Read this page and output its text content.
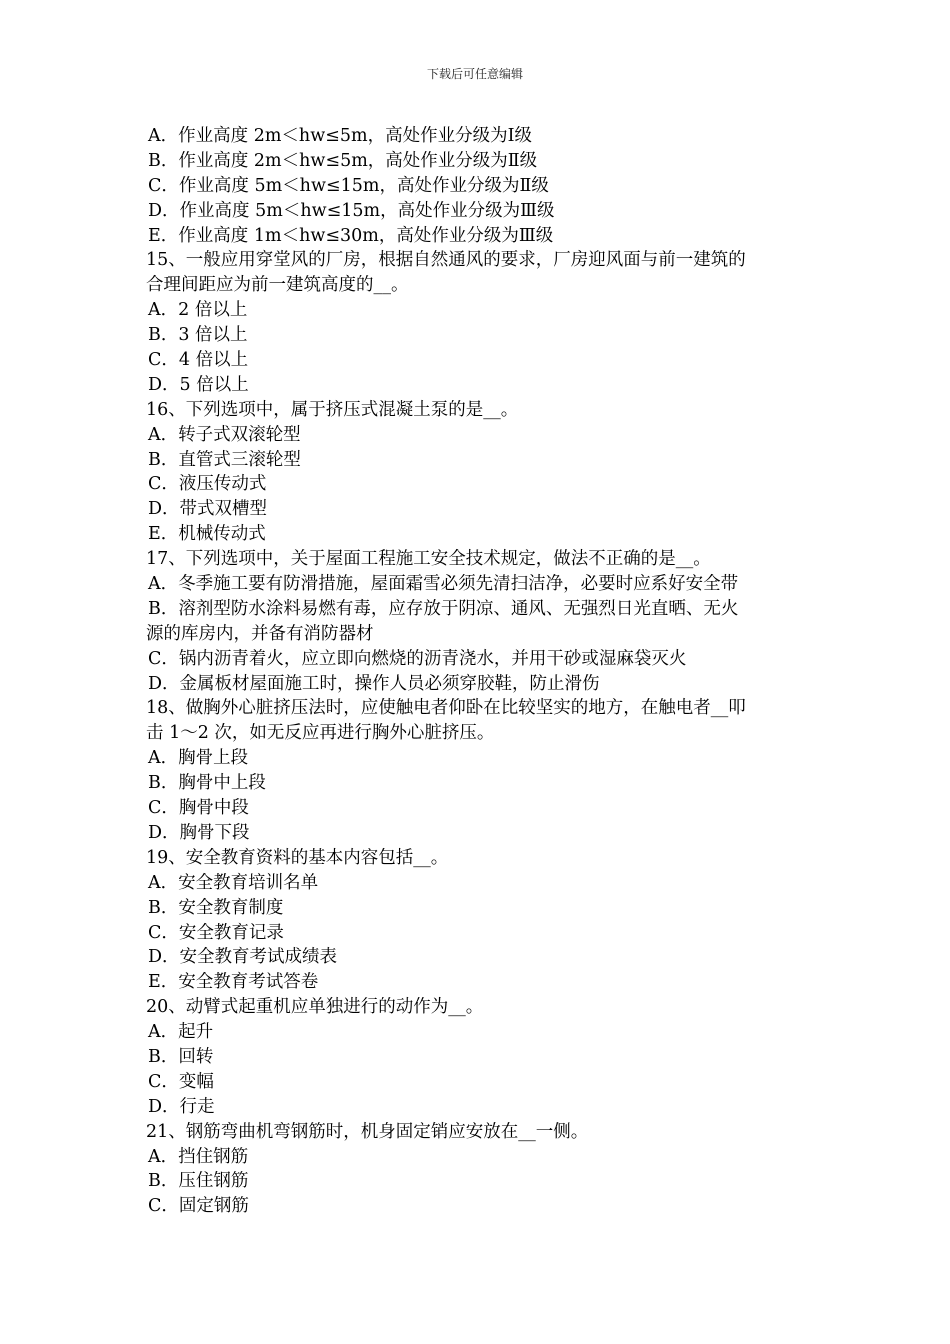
下载后可任意编辑
A．作业高度 2m＜hw≤5m，高处作业分级为Ⅰ级
B．作业高度 2m＜hw≤5m，高处作业分级为Ⅱ级
C．作业高度 5m＜hw≤15m，高处作业分级为Ⅱ级
D．作业高度 5m＜hw≤15m，高处作业分级为Ⅲ级
E．作业高度 1m＜hw≤30m，高处作业分级为Ⅲ级
15、一般应用穿堂风的厂房，根据自然通风的要求，厂房迎风面与前一建筑的
合理间距应为前一建筑高度的__。
A．2 倍以上
B．3 倍以上
C．4 倍以上
D．5 倍以上
16、下列选项中，属于挤压式混凝土泵的是__。
A．转子式双滚轮型
B．直管式三滚轮型
C．液压传动式
D．带式双槽型
E．机械传动式
17、下列选项中，关于屋面工程施工安全技术规定，做法不正确的是__。
A．冬季施工要有防滑措施，屋面霜雪必须先清扫洁净，必要时应系好安全带
B．溶剂型防水涂料易燃有毒，应存放于阴凉、通风、无强烈日光直晒、无火
源的库房内，并备有消防器材
C．锅内沥青着火，应立即向燃烧的沥青浇水，并用干砂或湿麻袋灭火
D．金属板材屋面施工时，操作人员必须穿胶鞋，防止滑伤
18、做胸外心脏挤压法时，应使触电者仰卧在比较坚实的地方，在触电者__叩
击 1～2 次，如无反应再进行胸外心脏挤压。
A．胸骨上段
B．胸骨中上段
C．胸骨中段
D．胸骨下段
19、安全教育资料的基本内容包括__。
A．安全教育培训名单
B．安全教育制度
C．安全教育记录
D．安全教育考试成绩表
E．安全教育考试答卷
20、动臂式起重机应单独进行的动作为__。
A．起升
B．回转
C．变幅
D．行走
21、钢筋弯曲机弯钢筋时，机身固定销应安放在__一侧。
A．挡住钢筋
B．压住钢筋
C．固定钢筋
